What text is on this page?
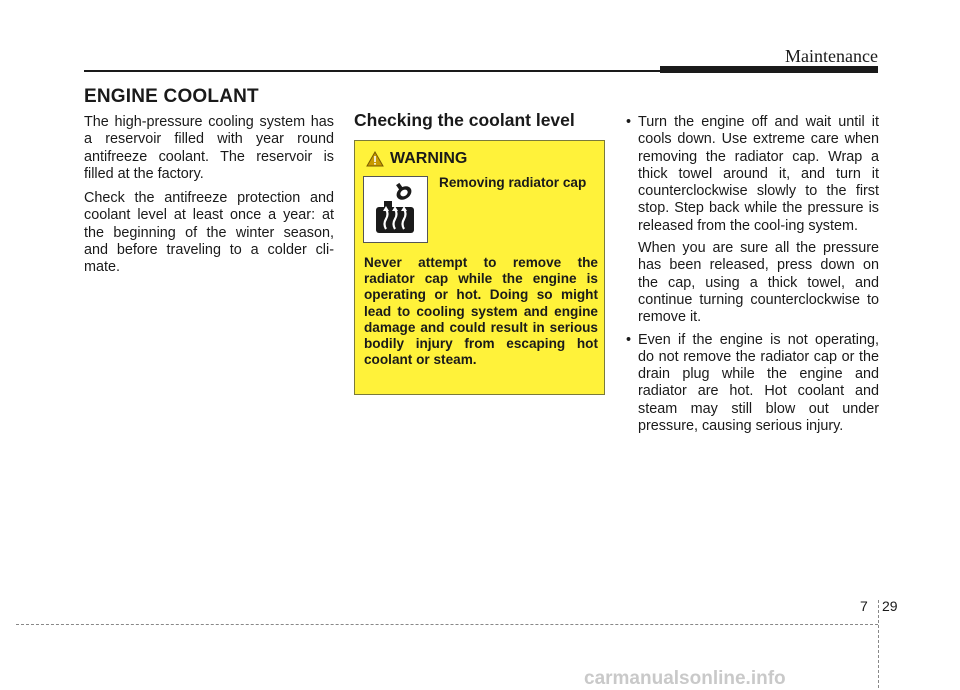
Maintenance
ENGINE COOLANT

The high-pressure cooling system has a reservoir filled with year round antifreeze coolant. The reservoir is filled at the factory.

Check the antifreeze protection and coolant level at least once a year: at the beginning of the winter season, and before traveling to a colder cli-mate.

Checking the coolant level
WARNING
Removing radiator cap
Never attempt to remove the radiator cap while the engine is operating or hot. Doing so might lead to cooling system and engine damage and could result in serious bodily injury from escaping hot coolant or steam.
• Turn the engine off and wait until it cools down. Use extreme care when removing the radiator cap. Wrap a thick towel around it, and turn it counterclockwise slowly to the first stop. Step back while the pressure is released from the cool-ing system.

When you are sure all the pressure has been released, press down on the cap, using a thick towel, and continue turning counterclockwise to remove it.

• Even if the engine is not operating, do not remove the radiator cap or the drain plug while the engine and radiator are hot. Hot coolant and steam may still blow out under pressure, causing serious injury.

7 29
carmanualsonline.info
